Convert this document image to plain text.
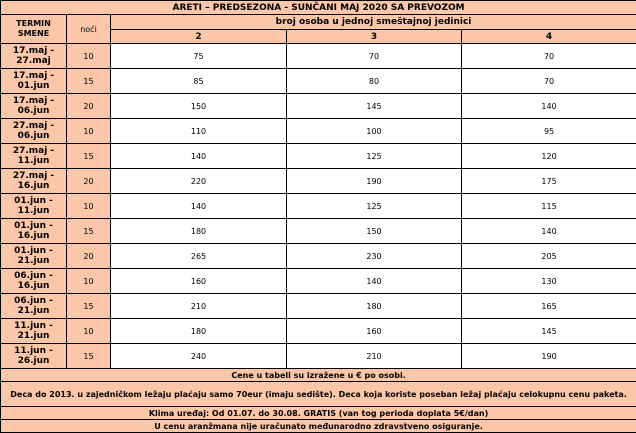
ARETI – PREDSEZONA - SUNČANI MAJ 2020 SA PREVOZOM				
TERMIN
SMENE	noći	broj osoba u jednoj smeštajnoj jedinici		
		2	3	4
17.maj -
27.maj	10	75	70	70
17.maj -
01.jun	15	85	80	70
17.maj -
06.jun	20	150	145	140
27.maj -
06.jun	10	110	100	95
27.maj -
11.jun	15	140	125	120
27.maj -
16.jun	20	220	190	175
01.jun -
11.jun	10	140	125	115
01.jun -
16.jun	15	180	150	140
01.jun -
21.jun	20	265	230	205
06.jun -
16.jun	10	160	140	130
06.jun -
21.jun	15	210	180	165
11.jun -
21.jun	10	180	160	145
11.jun -
26.jun	15	240	210	190
Cene u tabeli su izražene u € po osobi.				
Deca do 2013. u zajedničkom ležaju plaćaju samo 70eur (imaju sedište). Deca koja koriste poseban ležaj plaćaju celokupnu cenu paketa.				
Klima uređaj: Od 01.07. do 30.08. GRATIS (van tog perioda doplata 5€/dan)				
U cenu aranžmana nije uračunato međunarodno zdravstveno osiguranje.				
